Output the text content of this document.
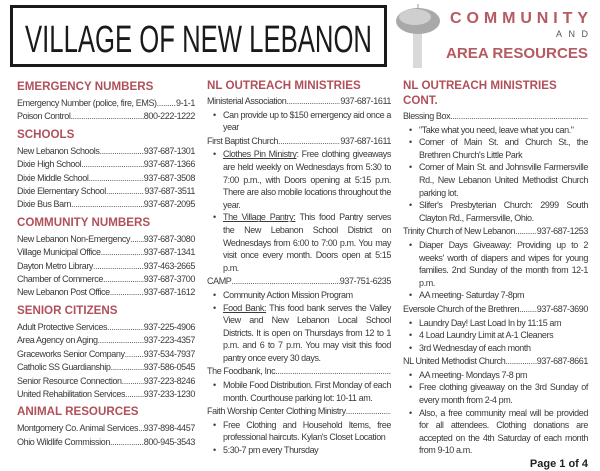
VILLAGE OF NEW LEBANON
COMMUNITY
AND
AREA RESOURCES
EMERGENCY NUMBERS
Emergency Number (police, fire, EMS) ..... 9-1-1
Poison Control .....	800-222-1222
SCHOOLS
New Lebanon Schools .....	937-687-1301
Dixie High School .....	937-687-1366
Dixie Middle School .....	937-687-3508
Dixie Elementary School .....	937-687-3511
Dixie Bus Barn .....	937-687-2095
COMMUNITY NUMBERS
New Lebanon Non-Emergency ..... 937-687-3080
Village Municipal Office .....	937-687-1341
Dayton Metro Library .....	937-463-2665
Chamber of Commerce .....	937-687-3700
New Lebanon Post Office .....	937-687-1612
SENIOR CITIZENS
Adult Protective Services .....	937-225-4906
Area Agency on Aging .....	937-223-4357
Graceworks Senior Company ..... 937-534-7937
Catholic SS Guardianship .....	937-586-0545
Senior Resource Connection ..... 937-223-8246
United Rehabilitation Services ..... 937-233-1230
ANIMAL RESOURCES
Montgomery Co. Animal Services ..... 937-898-4457
Ohio Wildlife Commission .....	800-945-3543
NL OUTREACH MINISTRIES
Ministerial Association .....	937-687-1611
• Can provide up to $150 emergency aid once a year
First Baptist Church .....	937-687-1611
• Clothes Pin Ministry: Free clothing giveaways are held weekly on Wednesdays from 5:30 to 7:00 p.m., with Doors opening at 5:15 p.m. There are also mobile locations throughout the year.
• The Village Pantry: This food Pantry serves the New Lebanon School District on Wednesdays from 6:00 to 7:00 p.m. You may visit once every month. Doors open at 5:15 p.m.
CAMP .....	937-751-6235
• Community Action Mission Program
• Food Bank: This food bank serves the Valley View and New Lebanon Local School Districts. It is open on Thursdays from 12 to 1 p.m. and 6 to 7 p.m. You may visit this food pantry once every 30 days.
The Foodbank, Inc.
.....
• Mobile Food Distribution. First Monday of each month. Courthouse parking lot: 10-11 am.
Faith Worship Center Clothing Ministry
.....
• Free Clothing and Household Items, free professional haircuts. Kylan's Closet Location
• 5:30-7 pm every Thursday
NL OUTREACH MINISTRIES CONT.
Blessing Box
.....
• "Take what you need, leave what you can."
• Corner of Main St. and Church St., the Brethren Church's Little Park
• Corner of Main St. and Johnsville Farmersville Rd., New Lebanon United Methodist Church parking lot.
• Slifer's Presbyterian Church: 2999 South Clayton Rd., Farmersville, Ohio.
Trinity Church of New Lebanon ..... 937-687-1253
• Diaper Days Giveaway: Providing up to 2 weeks' worth of diapers and wipes for young families. 2nd Sunday of the month from 12-1 p.m.
• AA meeting- Saturday 7-8pm
Eversole Church of the Brethren ..... 937-687-3690
• Laundry Day! Last Load In by 11:15 am
• 4 Load Laundry Limit at A-1 Cleaners
• 3rd Wednesday of each month
NL United Methodist Church .....	937-687-8661
• AA meeting- Mondays 7-8 pm
• Free clothing giveaway on the 3rd Sunday of every month from 2-4 pm.
• Also, a free community meal will be provided for all attendees. Clothing donations are accepted on the 4th Saturday of each month from 9-10 a.m.
Page 1 of 4
